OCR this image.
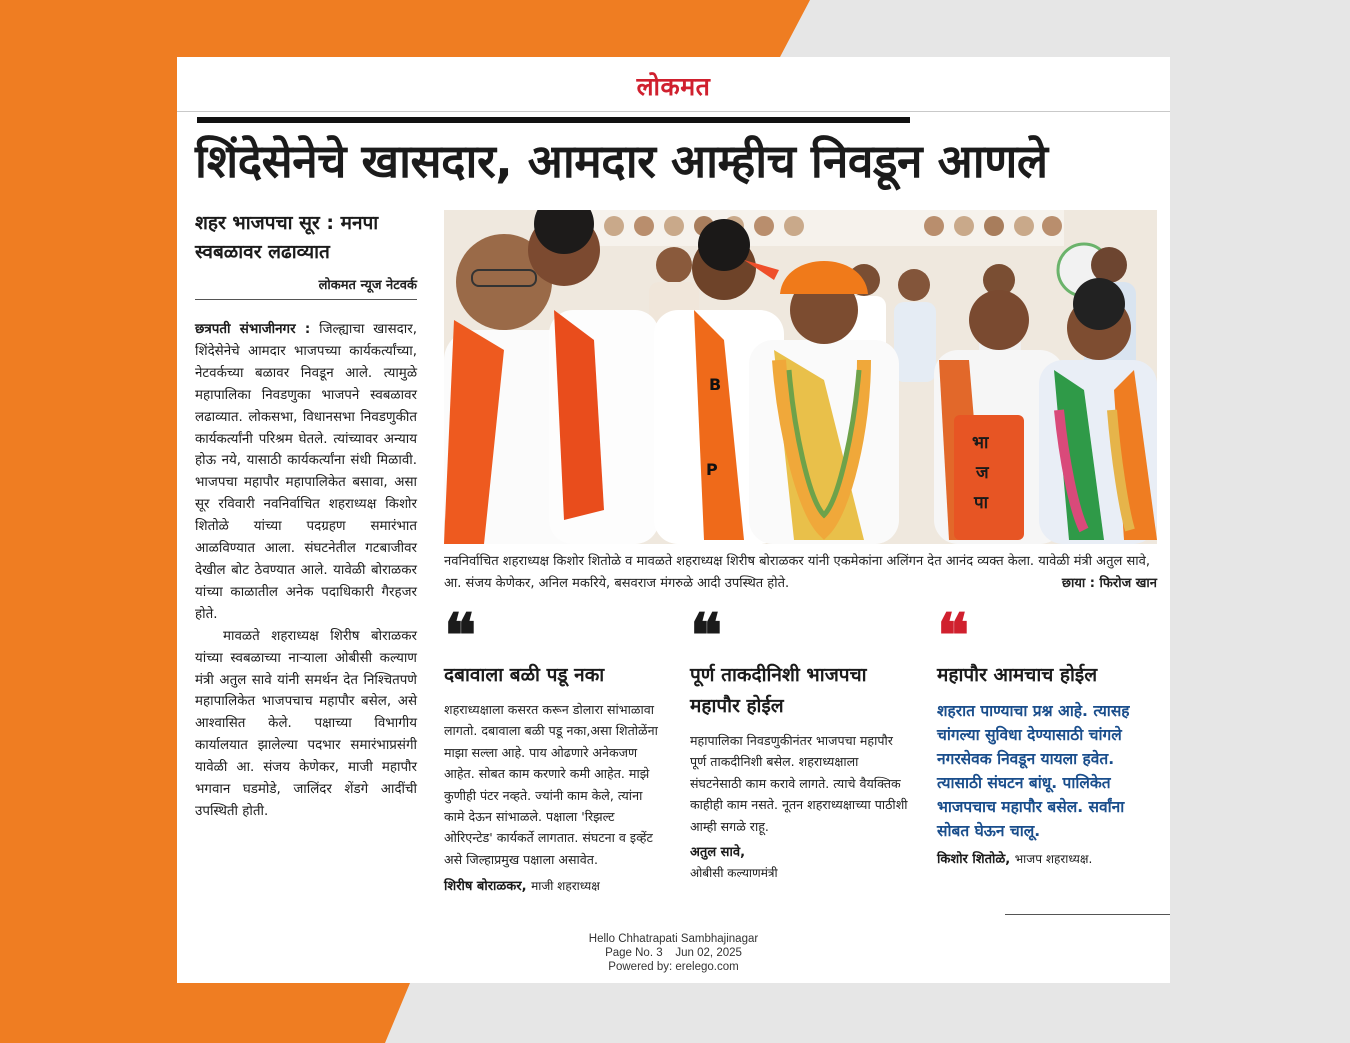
लोकमत
शिंदेसेनेचे खासदार, आमदार आम्हीच निवडून आणले
शहर भाजपचा सूर : मनपा स्वबळावर लढाव्यात
लोकमत न्यूज नेटवर्क

छत्रपती संभाजीनगर : जिल्ह्याचा खासदार, शिंदेसेनेचे आमदार भाजपच्या कार्यकर्त्यांच्या, नेटवर्कच्या बळावर निवडून आले. त्यामुळे महापालिका निवडणुका भाजपने स्वबळावर लढाव्यात. लोकसभा, विधानसभा निवडणुकीत कार्यकर्त्यांनी परिश्रम घेतले. त्यांच्यावर अन्याय होऊ नये, यासाठी कार्यकर्त्यांना संधी मिळावी. भाजपचा महापौर महापालिकेत बसावा, असा सूर रविवारी नवनिर्वाचित शहराध्यक्ष किशोर शितोळे यांच्या पदग्रहण समारंभात आळविण्यात आला. संघटनेतील गटबाजीवर देखील बोट ठेवण्यात आले. यावेळी बोराळकर यांच्या काळातील अनेक पदाधिकारी गैरहजर होते.

मावळते शहराध्यक्ष शिरीष बोराळकर यांच्या स्वबळाच्या नाऱ्याला ओबीसी कल्याण मंत्री अतुल सावे यांनी समर्थन देत निश्चितपणे महापालिकेत भाजपचाच महापौर बसेल, असे आश्वासित केले. पक्षाच्या विभागीय कार्यालयात झालेल्या पदभार समारंभाप्रसंगी यावेळी आ. संजय केणेकर, माजी महापौर भगवान घडमोडे, जालिंदर शेंडगे आदींची उपस्थिती होती.

B
P
भा
ज
पा
नवनिर्वाचित शहराध्यक्ष किशोर शितोळे व मावळते शहराध्यक्ष शिरीष बोराळकर यांनी एकमेकांना अलिंगन देत आनंद व्यक्त केला. यावेळी मंत्री अतुल सावे, आ. संजय केणेकर, अनिल मकरिये, बसवराज मंगरुळे आदी उपस्थित होते.	छाया : फिरोज खान
❝
दबावाला बळी पडू नका
शहराध्यक्षाला कसरत करून डोलारा सांभाळावा लागतो. दबावाला बळी पडू नका,असा शितोळेंना माझा सल्ला आहे. पाय ओढणारे अनेकजण आहेत. सोबत काम करणारे कमी आहेत. माझे कुणीही पंटर नव्हते. ज्यांनी काम केले, त्यांना कामे देऊन सांभाळले. पक्षाला 'रिझल्ट ओरिएन्टेड' कार्यकर्ते लागतात. संघटना व इव्हेंट असे जिल्हाप्रमुख पक्षाला असावेत.
शिरीष बोराळकर, माजी शहराध्यक्ष
❝
पूर्ण ताकदीनिशी भाजपचा महापौर होईल
महापालिका निवडणुकीनंतर भाजपचा महापौर पूर्ण ताकदीनिशी बसेल. शहराध्यक्षाला संघटनेसाठी काम करावे लागते. त्याचे वैयक्तिक काहीही काम नसते. नूतन शहराध्यक्षाच्या पाठीशी आम्ही सगळे राहू.
अतुल सावे,
ओबीसी कल्याणमंत्री
❝
महापौर आमचाच होईल
शहरात पाण्याचा प्रश्न आहे. त्यासह चांगल्या सुविधा देण्यासाठी चांगले नगरसेवक निवडून यायला हवेत. त्यासाठी संघटन बांधू. पालिकेत भाजपचाच महापौर बसेल. सर्वांना सोबत घेऊन चालू.
किशोर शितोळे, भाजप शहराध्यक्ष.
Hello Chhatrapati Sambhajinagar
Page No. 3    Jun 02, 2025
Powered by: erelego.com
